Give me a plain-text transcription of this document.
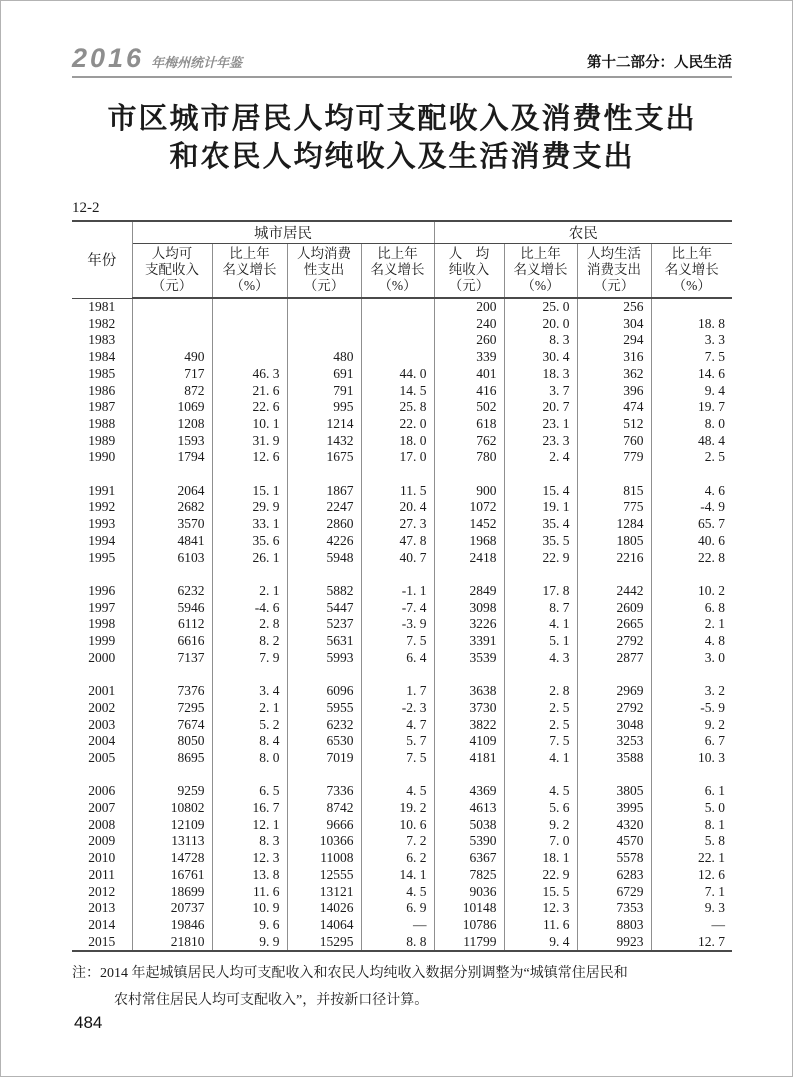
2016 年梅州统计年鉴	第十二部分：人民生活
市区城市居民人均可支配收入及消费性支出
和农民人均纯收入及生活消费支出
12-2
年份	城市居民				农民			

人均可
支配收入
（元）

比上年
名义增长
（%）

人均消费
性支出
（元）

比上年
名义增长
（%）

人　均
纯收入
（元）

比上年
名义增长
（%）

人均生活
消费支出
（元）

比上年
名义增长
（%）

1981					200	25. 0	256	
1982					240	20. 0	304	18. 8
1983					260	8. 3	294	3. 3
1984	490		480		339	30. 4	316	7. 5
1985	717	46. 3	691	44. 0	401	18. 3	362	14. 6
1986	872	21. 6	791	14. 5	416	3. 7	396	9. 4
1987	1069	22. 6	995	25. 8	502	20. 7	474	19. 7
1988	1208	10. 1	1214	22. 0	618	23. 1	512	8. 0
1989	1593	31. 9	1432	18. 0	762	23. 3	760	48. 4
1990	1794	12. 6	1675	17. 0	780	2. 4	779	2. 5

1991	2064	15. 1	1867	11. 5	900	15. 4	815	4. 6
1992	2682	29. 9	2247	20. 4	1072	19. 1	775	-4. 9
1993	3570	33. 1	2860	27. 3	1452	35. 4	1284	65. 7
1994	4841	35. 6	4226	47. 8	1968	35. 5	1805	40. 6
1995	6103	26. 1	5948	40. 7	2418	22. 9	2216	22. 8

1996	6232	2. 1	5882	-1. 1	2849	17. 8	2442	10. 2
1997	5946	-4. 6	5447	-7. 4	3098	8. 7	2609	6. 8
1998	6112	2. 8	5237	-3. 9	3226	4. 1	2665	2. 1
1999	6616	8. 2	5631	7. 5	3391	5. 1	2792	4. 8
2000	7137	7. 9	5993	6. 4	3539	4. 3	2877	3. 0

2001	7376	3. 4	6096	1. 7	3638	2. 8	2969	3. 2
2002	7295	2. 1	5955	-2. 3	3730	2. 5	2792	-5. 9
2003	7674	5. 2	6232	4. 7	3822	2. 5	3048	9. 2
2004	8050	8. 4	6530	5. 7	4109	7. 5	3253	6. 7
2005	8695	8. 0	7019	7. 5	4181	4. 1	3588	10. 3

2006	9259	6. 5	7336	4. 5	4369	4. 5	3805	6. 1
2007	10802	16. 7	8742	19. 2	4613	5. 6	3995	5. 0
2008	12109	12. 1	9666	10. 6	5038	9. 2	4320	8. 1
2009	13113	8. 3	10366	7. 2	5390	7. 0	4570	5. 8
2010	14728	12. 3	11008	6. 2	6367	18. 1	5578	22. 1
2011	16761	13. 8	12555	14. 1	7825	22. 9	6283	12. 6
2012	18699	11. 6	13121	4. 5	9036	15. 5	6729	7. 1
2013	20737	10. 9	14026	6. 9	10148	12. 3	7353	9. 3
2014	19846	9. 6	14064	—	10786	11. 6	8803	—
2015	21810	9. 9	15295	8. 8	11799	9. 4	9923	12. 7
注：2014 年起城镇居民人均可支配收入和农民人均纯收入数据分别调整为“城镇常住居民和
农村常住居民人均可支配收入”，并按新口径计算。
484
